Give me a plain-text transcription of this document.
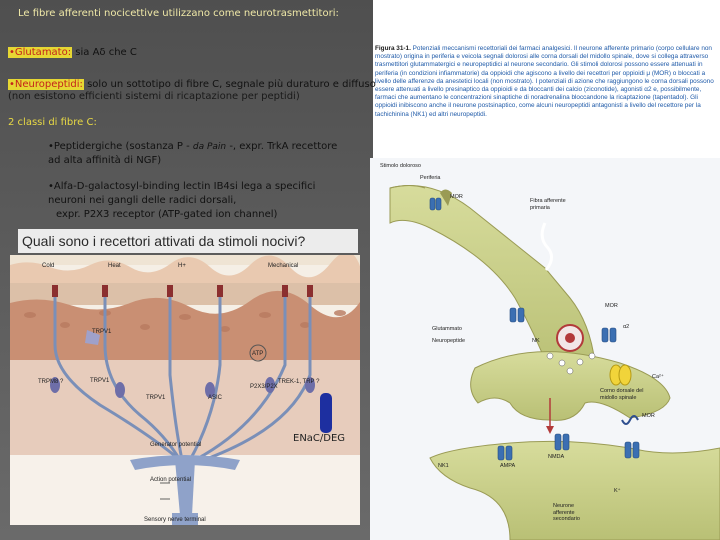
Le fibre afferenti nocicettive utilizzano come neurotrasmettitori:
•Glutamato: sia Aδ che C
•Neuropeptidi: solo un sottotipo di fibre C, segnale più duraturo e diffuso
(non esistono efficienti sistemi di ricaptazione per peptidi)
2 classi di fibre C:
•Peptidergiche (sostanza P - da Pain -, expr. TrkA recettore
ad alta affinità di NGF)
•Alfa-D-galactosyl-binding lectin IB4si lega a specifici
neuroni nei gangli delle radici dorsali,
expr. P2X3 receptor (ATP-gated ion channel)
Quali sono i recettori attivati da stimoli nocivi?
Cold	Heat	H+	Mechanical
TRPV1
ATP
TRPM8 ?	TRPV1
TRPV1	ASIC
P2X3/P2X
TREK-1, TRP ?
ENaC/DEG
Generator potential
Action potential
Sensory nerve terminal
Figura 31-1. Potenziali meccanismi recettoriali dei farmaci analgesici. Il neurone afferente primario (corpo cellulare non mostrato) origina in periferia e veicola segnali dolorosi alle corna dorsali del midollo spinale, dove si collega attraverso trasmettitori glutammatergici e neuropeptidici al neurone secondario. Gli stimoli dolorosi possono essere attenuati in periferia (in condizioni infiammatorie) da oppioidi che agiscono a livello dei recettori per oppioidi μ (MOR) o bloccati a livello delle afferenze da anestetici locali (non mostrato). I potenziali di azione che raggiungono le corna dorsali possono essere attenuati a livello presinaptico da oppioidi e da bloccanti dei calcio (ziconotide), agonisti α2 e, possibilmente, farmaci che aumentano le concentrazioni sinaptiche di noradrenalina bloccandone la ricaptazione (tapentadol). Gli oppioidi inibiscono anche il neurone postsinaptico, come alcuni neuropeptidi antagonisti a livello del recettore per la tachichinina (NK1) ed altri neuropeptidi.
Stimolo doloroso
Periferia
MOR
Fibra afferente primaria
MOR
α2
Glutammato
Neuropeptide	NK
Ca²⁺
Corno dorsale del midollo spinale
MOR
NMDA
NK1	AMPA
K⁺
Neurone afferente secondario
